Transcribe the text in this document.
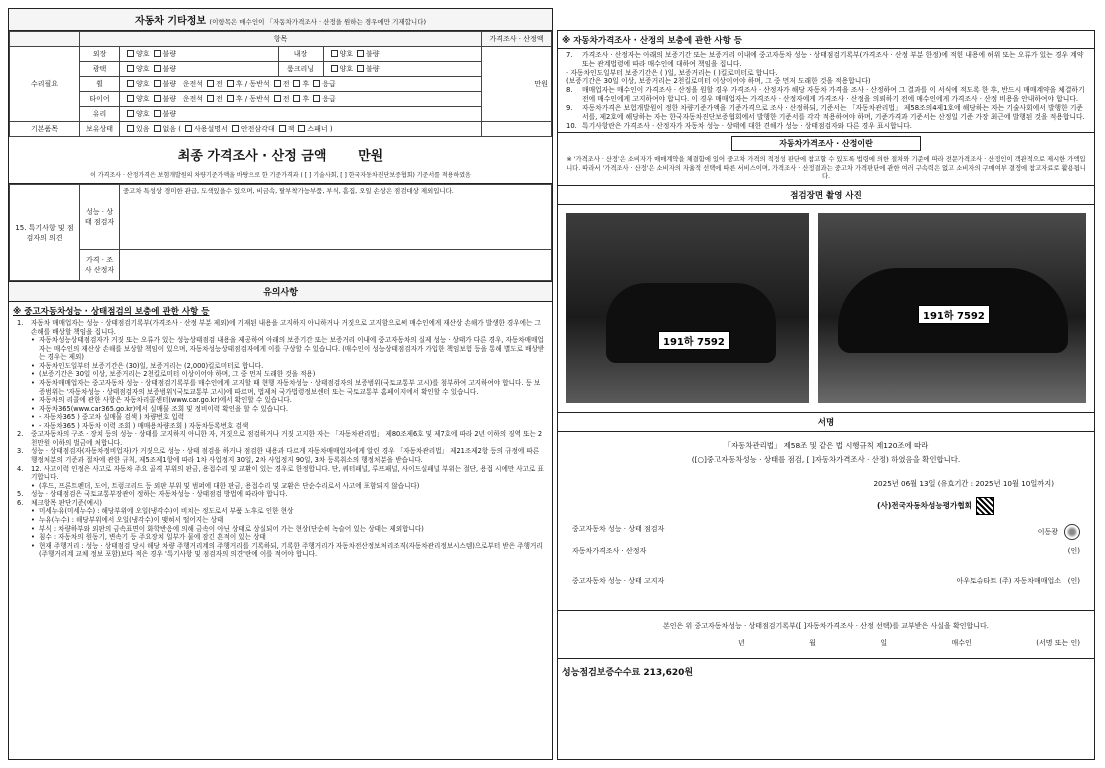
자동차 기타정보 (이항목은 매수인이 「자동차가격조사 · 산정을 원하는 경우에만 기재합니다)
	항목				가격조사 · 산정액
수리필요	외장	양호 불량	내장	양호 불량	만원
	광택	양호 불량	룸크리닝	양호 불량	
	휠	양호 불량 운전석 전 후 / 동반석 전 후 응급			
	타이어	양호 불량 운전석 전 후 / 동반석 전 후 응급			
	유리	양호 불량			
기본품목	보유상태	있음 없음 ( 사용설명서 안전삼각대 잭 스패너 )			
최종 가격조사 · 산정 금액 만원
이 가격조사 · 산정가격은 보험개발원의 차량기준가액을 바탕으로 한 기준가격과 ( [ ] 기술사회, [ ] 한국자동차진단보증협회) 기준서를 적용하였음
15. 특기사항 및 점검자의 의견	성능 · 상태 점검자	중고차 특성상 경미한 관급, 도색있을수 있으며, 비금속, 탈부착가능부품, 부식, 흠집, 오일 손상은 점검대상 제외입니다.
	가격 · 조사 산정자	
유의사항
※ 중고자동차성능 · 상태점검의 보충에 관한 사항 등
1.	자동차 매매업자는 성능 · 상태점검기록부(가격조사 · 산정 부분 제외)에 기재된 내용을 고지하지 아니하거나 거짓으로 고지함으로써 매수인에게 재산상 손해가 발생한 경우에는 그 손해를 배상할 책임을 집니다.
• 자동차성능상태점검자가 거짓 또는 오류가 있는 성능상태점검 내용을 제공하여 아래의 보증기간 또는 보증거리 이내에 중고자동차의 실제 성능 · 상태가 다른 경우, 자동차매매업자는 매수인의 재산상 손해를 보상할 책임이 있으며, 자동차성능상태점검자에게 이를 구상할 수 있습니다. (매수인이 성능상태점검자가 가입한 책임보험 등을 통해 별도로 배상받는 경우는 제외)
• 자동차인도일부터 보증기간은 (30)일, 보증거리는 (2,000)킬로미터로 합니다.
• (보증기간은 30일 이상, 보증거리는 2천킬로미터 이상이어야 하며, 그 중 먼저 도래한 것을 적용)
• 자동차매매업자는 중고자동차 성능 · 상태점검기록부를 매수인에게 고지할 때 현행 자동차성능 · 상태점검자의 보증범위(국토교통부 고시)를 첨부하여 고지하여야 합니다. 등 보증범위는 '자동차성능 · 상태점검자의 보증범위'(국토교통부 고시)에 따르며, 법제처 국가법령정보센터 또는 국토교통부 홈페이지에서 확인할 수 있습니다.
• 자동차의 리콜에 관한 사항은 자동차리콜센터(www.car.go.kr)에서 확인할 수 있습니다.
• 자동차365(www.car365.go.kr)에서 실매물 조회 및 정비이력 확인을 할 수 있습니다.
• - 자동차365 ) 중고차 실매물 검색 ) 차량번호 입력
• - 자동차365 ) 자동차 이력 조회 ) 매매용차량조회 ) 자동차등록번호 검색
2.	중고자동차의 구조 · 장치 등의 성능 · 상태를 고지하지 아니한 자, 거짓으로 점검하거나 거짓 고지한 자는 「자동차관리법」 제80조제6호 및 제7호에 따라 2년 이하의 징역 또는 2천만원 이하의 벌금에 처합니다.
3.	성능 · 상태점검자(자동차정비업자)가 거짓으로 성능 · 상태 점검을 하거나 점검한 내용과 다르게 자동차매매업자에게 알린 경우 「자동차관리법」 제21조제2항 등의 규정에 따른 행정처분의 기준과 절차에 관한 규칙, 제5조제1항에 따라 1차 사업정지 30일, 2차 사업정지 90일, 3차 등록취소의 행정처분을 받습니다.
4.	12. 사고이력 인정은 사고로 자동차 주요 골격 부위의 판금, 용접수리 및 교환이 있는 경우로 한정합니다. 단, 쿼터패널, 루프패널, 사이드실패널 부위는 절단, 용접 시에만 사고로 표기합니다.
• (후드, 프론트펜더, 도어, 트렁크리드 등 외판 부위 및 범퍼에 대한 판금, 용접수리 및 교환은 단순수리로서 사고에 포함되지 않습니다)
5.	성능 · 상태점검은 국토교통부장관이 정하는 자동차성능 · 상태점검 방법에 따라야 합니다.
6.	체크항목 판단기준(예시)
• 미세누유(미세누수) : 해당부위에 오일(냉각수)이 비치는 정도로서 부품 노후로 인한 현상
• 누유(누수) : 해당부위에서 오일(냉각수)이 맺혀서 떨어지는 상태
• 부식 : 차량하부와 외판의 금속표면이 화학반응에 의해 금속이 아닌 상태로 상실되어 가는 현상(단순히 녹슬어 있는 상태는 제외합니다)
• 침수 : 자동차의 원동기, 변속기 등 주요장치 일부가 물에 잠긴 흔적이 있는 상태
• 현재 주행거리 : 성능 · 상태점검 당시 해당 차량 주행거리계의 주행거리를 기록하되, 기록한 주행거리가 자동차전산정보처리조직(자동차관리정보시스템)으로부터 받은 주행거리(주행거리계 교체 정보 포함)보다 적은 경우 '특기사항 및 점검자의 의견'란에 이를 적어야 합니다.
※ 자동차가격조사 · 산정의 보충에 관한 사항 등
7.	가격조사 · 산정자는 아래의 보증기간 또는 보증거리 이내에 중고자동차 성능 · 상태점검기록부(가격조사 · 산정 부분 한정)에 적힌 내용에 허위 또는 오류가 있는 경우 계약 또는 관계법령에 따라 매수인에 대하여 책임을 집니다.
· 자동차인도일부터 보증기간은 ( )일, 보증거리는 ( )킬로미터로 합니다.
(보증기간은 30일 이상, 보증거리는 2천킬로미터 이상이어야 하며, 그 중 먼저 도래한 것을 적용합니다)
8.	매매업자는 매수인이 가격조사 · 산정을 원할 경우 가격조사 · 산정자가 해당 자동차 가격을 조사 · 산정하여 그 결과를 이 서식에 적도록 한 후, 반드시 매매계약을 체결하기 전에 매수인에게 고지하여야 합니다. 이 경우 매매업자는 가격조사 · 산정자에게 가격조사 · 산정을 의뢰하기 전에 매수인에게 가격조사 · 산정 비용을 안내하여야 합니다.
9.	자동차가격은 보험개발원이 정한 차량기준가액을 기준가격으로 조사 · 산정하되, 기준서는 「자동차관리법」 제58조의4제1호에 해당하는 자는 기술사회에서 발행한 기준서를, 제2호에 해당하는 자는 한국자동차진단보증협회에서 발행한 기준서를 각각 적용하여야 하며, 기준가격과 기준서는 산정일 기준 가장 최근에 발행된 것을 적용합니다.
10. 특기사항란은 가격조사 · 산정자가 자동차 성능 · 상태에 대한 견해가 성능 · 상태점검자와 다른 경우 표시합니다.
자동차가격조사 · 산정이란
※ '가격조사 · 산정'은 소비자가 매매계약을 체결함에 있어 중고차 가격의 적정성 판단에 참고할 수 있도록 법령에 의한 절차와 기준에 따라 전문가격조사 · 산정인이 객관적으로 제시한 가액입니다. 따라서 '가격조사 · 산정'은 소비자의 자율적 선택에 따른 서비스이며, 가격조사 · 산정결과는 중고차 가격판단에 관한 여러 구속력은 없고 소비자의 구매여부 결정에 참고자료로 활용됩니다.
점검장면 촬영 사진
191하 7592
191하 7592
서명
「자동차관리법」 제58조 및 같은 법 시행규칙 제120조에 따라
([○]중고자동차성능 · 상태를 점검, [ ]자동차가격조사 · 산정) 하였음을 확인합니다.
2025년 06월 13일 (유효기간 : 2025년 10월 10일까지)
(사)전국자동차성능평가협회
중고자동차 성능 · 상태 점검자	이동광
자동차가격조사 · 산정자	(인)
중고자동차 성능 · 상태 고지자	아우토슈타트 (주) 자동차매매업소 (인)
본인은 위 중고자동차성능 · 상태점검기록부([ ]자동차가격조사 · 산정 선택)를 교부받은 사실을 확인합니다.
년	월	일	매수인	(서명 또는 인)
성능점검보증수수료 213,620원
